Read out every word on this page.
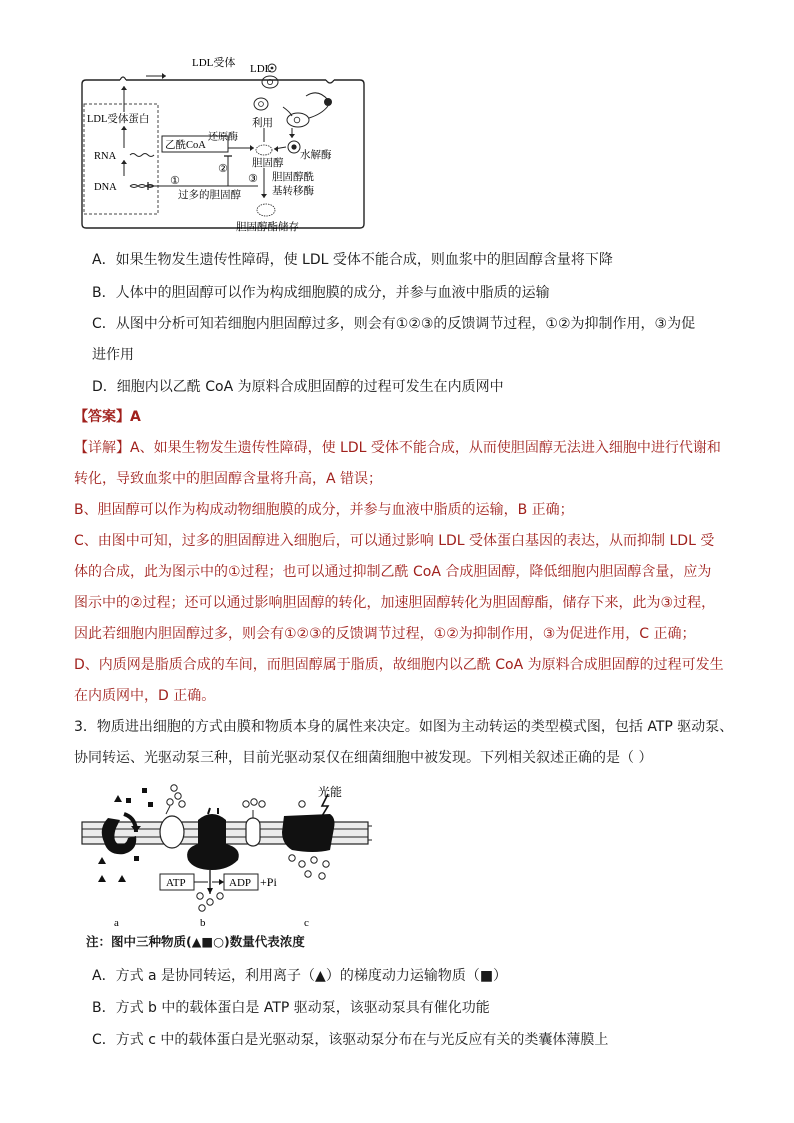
LDL受体 LDL
LDL受体蛋白
RNA
DNA
乙酰CoA
还原酶
利用
水解酶
胆固醇
①
②
③
过多的胆固醇
胆固醇酰
基转移酶
胆固醇酯储存
A．如果生物发生遗传性障碍，使 LDL 受体不能合成，则血浆中的胆固醇含量将下降
B．人体中的胆固醇可以作为构成细胞膜的成分，并参与血液中脂质的运输
C．从图中分析可知若细胞内胆固醇过多，则会有①②③的反馈调节过程，①②为抑制作用，③为促
进作用
D．细胞内以乙酰 CoA 为原料合成胆固醇的过程可发生在内质网中
【答案】A
【详解】A、如果生物发生遗传性障碍，使 LDL 受体不能合成，从而使胆固醇无法进入细胞中进行代谢和
转化，导致血浆中的胆固醇含量将升高，A 错误；
B、胆固醇可以作为构成动物细胞膜的成分，并参与血液中脂质的运输，B 正确；
C、由图中可知，过多的胆固醇进入细胞后，可以通过影响 LDL 受体蛋白基因的表达，从而抑制 LDL 受
体的合成，此为图示中的①过程；也可以通过抑制乙酰 CoA 合成胆固醇，降低细胞内胆固醇含量，应为
图示中的②过程；还可以通过影响胆固醇的转化，加速胆固醇转化为胆固醇酯，储存下来，此为③过程，
因此若细胞内胆固醇过多，则会有①②③的反馈调节过程，①②为抑制作用，③为促进作用，C 正确；
D、内质网是脂质合成的车间，而胆固醇属于脂质，故细胞内以乙酰 CoA 为原料合成胆固醇的过程可发生
在内质网中，D 正确。
3．物质进出细胞的方式由膜和物质本身的属性来决定。如图为主动转运的类型模式图，包括 ATP 驱动泵、
协同转运、光驱动泵三种，目前光驱动泵仅在细菌细胞中被发现。下列相关叙述正确的是（ ）
光能
ATP	ADP +Pi
a	b	c
注：图中三种物质(▲■○)数量代表浓度
A．方式 a 是协同转运，利用离子（▲）的梯度动力运输物质（■）
B．方式 b 中的载体蛋白是 ATP 驱动泵，该驱动泵具有催化功能
C．方式 c 中的载体蛋白是光驱动泵，该驱动泵分布在与光反应有关的类囊体薄膜上
